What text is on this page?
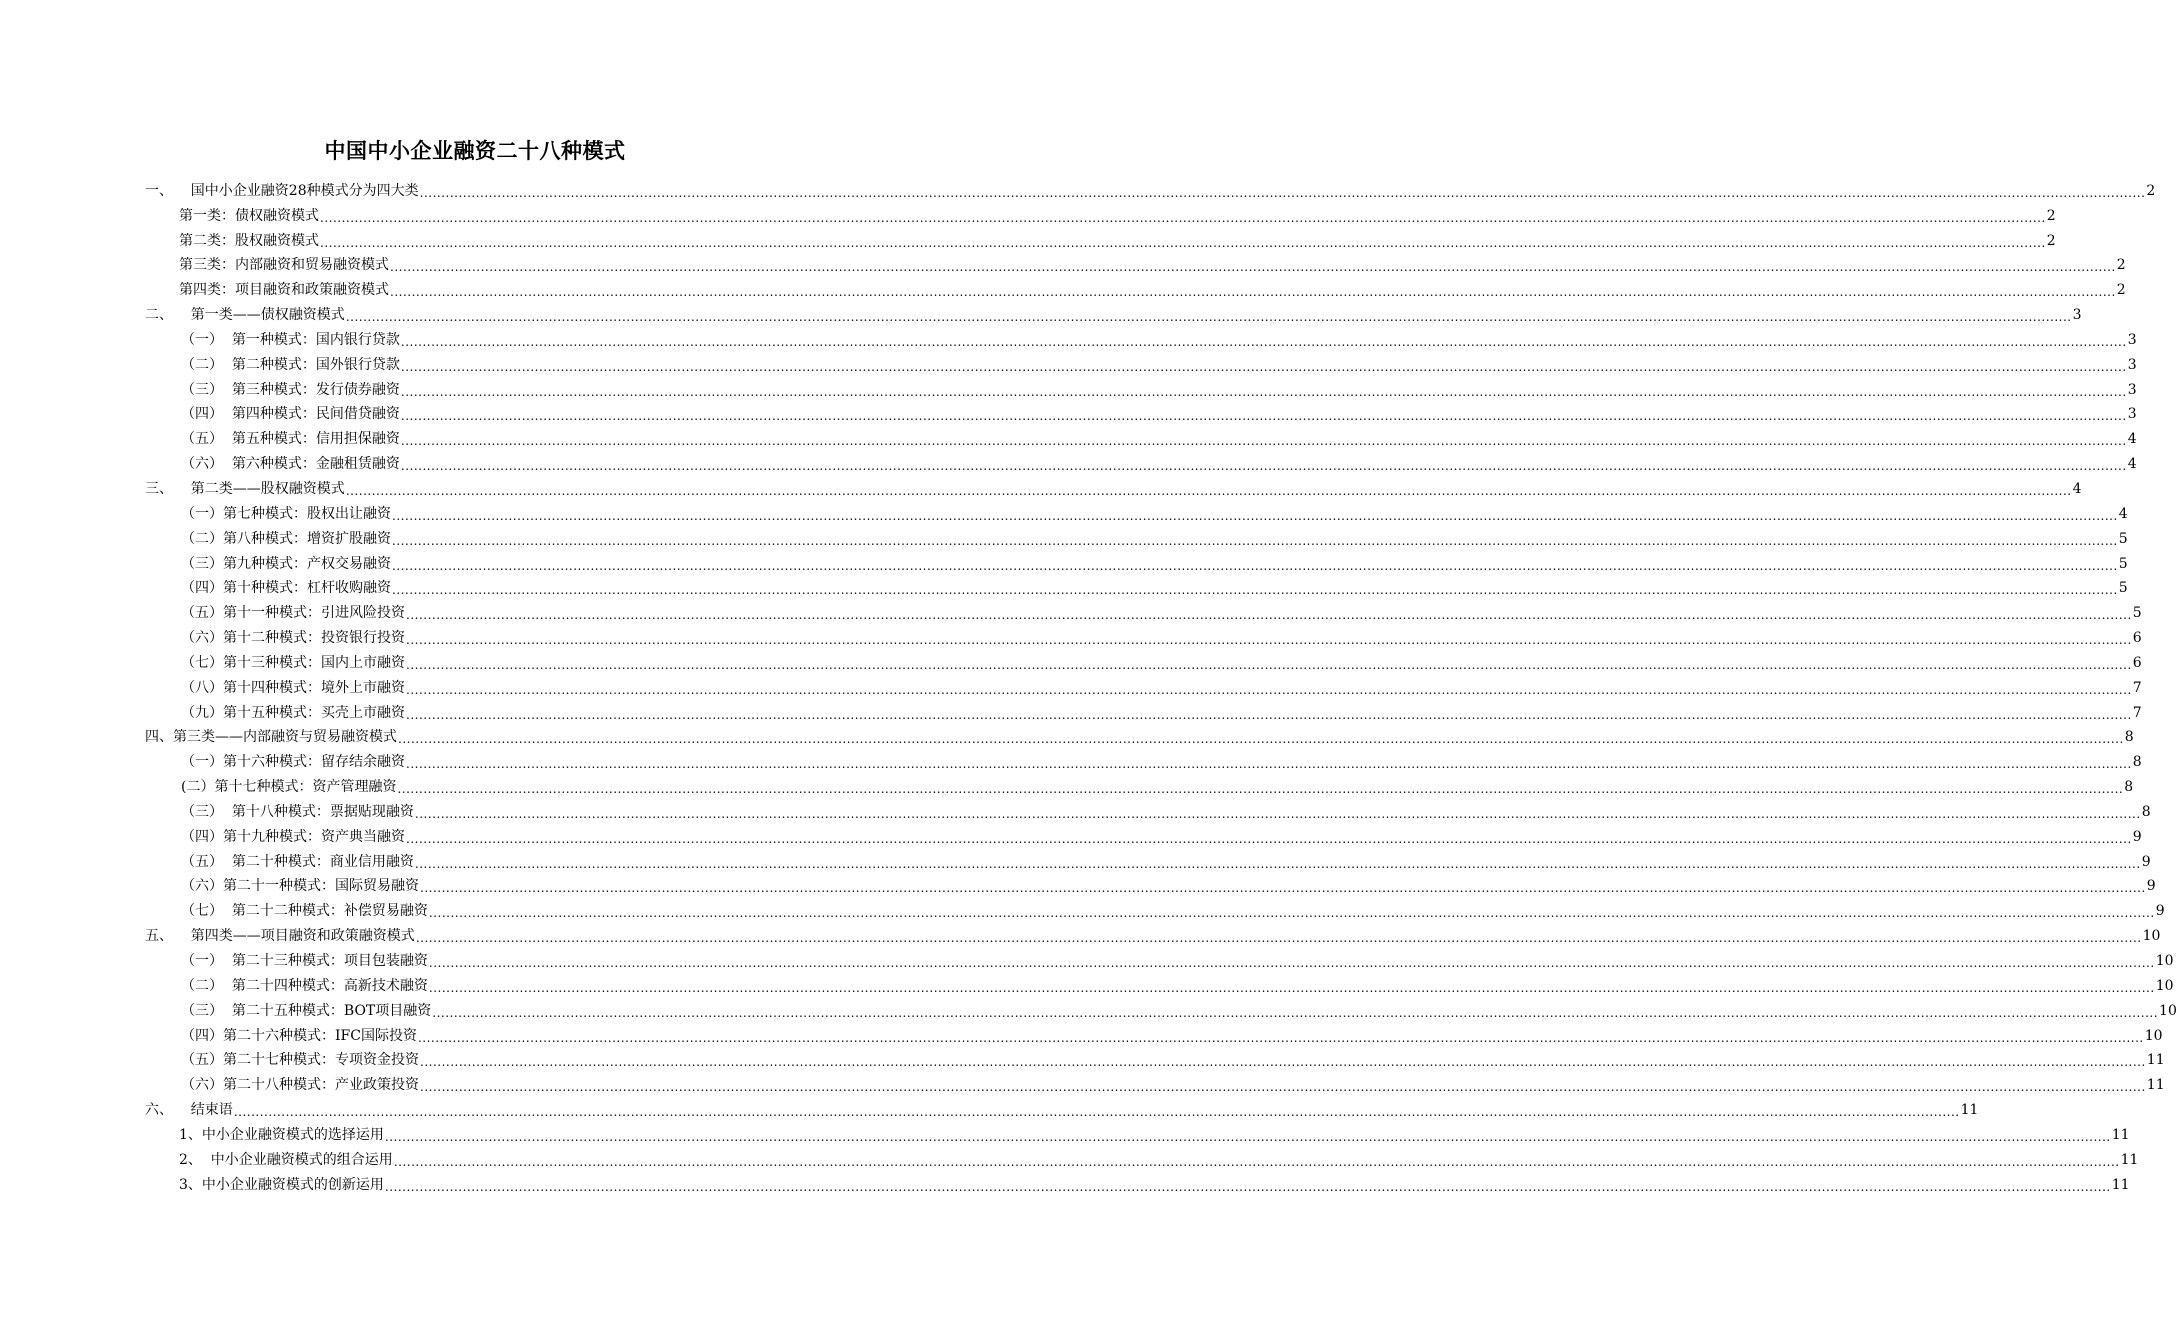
中国中小企业融资二十八种模式
一、    国中小企业融资28种模式分为四大类 ................................................................................................................................................................................................................................................................................................................................................................................................................ 2
第一类：债权融资模式 ................................................................................................................................................................................................................................................................................................................................................................................................................ 2
第二类：股权融资模式 ................................................................................................................................................................................................................................................................................................................................................................................................................ 2
第三类：内部融资和贸易融资模式 ................................................................................................................................................................................................................................................................................................................................................................................................................ 2
第四类：项目融资和政策融资模式 ................................................................................................................................................................................................................................................................................................................................................................................................................ 2
二、    第一类——债权融资模式 ................................................................................................................................................................................................................................................................................................................................................................................................................ 3
（一）  第一种模式：国内银行贷款 ................................................................................................................................................................................................................................................................................................................................................................................................................ 3
（二）  第二种模式：国外银行贷款 ................................................................................................................................................................................................................................................................................................................................................................................................................ 3
（三）  第三种模式：发行债券融资 ................................................................................................................................................................................................................................................................................................................................................................................................................ 3
（四）  第四种模式：民间借贷融资 ................................................................................................................................................................................................................................................................................................................................................................................................................ 3
（五）  第五种模式：信用担保融资 ................................................................................................................................................................................................................................................................................................................................................................................................................ 4
（六）  第六种模式：金融租赁融资 ................................................................................................................................................................................................................................................................................................................................................................................................................ 4
三、    第二类——股权融资模式 ................................................................................................................................................................................................................................................................................................................................................................................................................ 4
（一）第七种模式：股权出让融资 ................................................................................................................................................................................................................................................................................................................................................................................................................ 4
（二）第八种模式：增资扩股融资 ................................................................................................................................................................................................................................................................................................................................................................................................................ 5
（三）第九种模式：产权交易融资 ................................................................................................................................................................................................................................................................................................................................................................................................................ 5
（四）第十种模式：杠杆收购融资 ................................................................................................................................................................................................................................................................................................................................................................................................................ 5
（五）第十一种模式：引进风险投资 ................................................................................................................................................................................................................................................................................................................................................................................................................ 5
（六）第十二种模式：投资银行投资 ................................................................................................................................................................................................................................................................................................................................................................................................................ 6
（七）第十三种模式：国内上市融资 ................................................................................................................................................................................................................................................................................................................................................................................................................ 6
（八）第十四种模式：境外上市融资 ................................................................................................................................................................................................................................................................................................................................................................................................................ 7
（九）第十五种模式：买壳上市融资 ................................................................................................................................................................................................................................................................................................................................................................................................................ 7
四、第三类——内部融资与贸易融资模式 ................................................................................................................................................................................................................................................................................................................................................................................................................ 8
（一）第十六种模式：留存结余融资 ................................................................................................................................................................................................................................................................................................................................................................................................................ 8
(二）第十七种模式：资产管理融资 ................................................................................................................................................................................................................................................................................................................................................................................................................ 8
（三）  第十八种模式：票据贴现融资 ................................................................................................................................................................................................................................................................................................................................................................................................................ 8
（四）第十九种模式：资产典当融资 ................................................................................................................................................................................................................................................................................................................................................................................................................ 9
（五）  第二十种模式：商业信用融资 ................................................................................................................................................................................................................................................................................................................................................................................................................ 9
（六）第二十一种模式：国际贸易融资 ................................................................................................................................................................................................................................................................................................................................................................................................................ 9
（七）  第二十二种模式：补偿贸易融资 ................................................................................................................................................................................................................................................................................................................................................................................................................ 9
五、    第四类——项目融资和政策融资模式 ................................................................................................................................................................................................................................................................................................................................................................................................................ 10
（一）  第二十三种模式：项目包装融资 ................................................................................................................................................................................................................................................................................................................................................................................................................ 10
（二）  第二十四种模式：高新技术融资 ................................................................................................................................................................................................................................................................................................................................................................................................................ 10
（三）  第二十五种模式：BOT项目融资 ................................................................................................................................................................................................................................................................................................................................................................................................................ 10
（四）第二十六种模式：IFC国际投资 ................................................................................................................................................................................................................................................................................................................................................................................................................ 10
（五）第二十七种模式：专项资金投资 ................................................................................................................................................................................................................................................................................................................................................................................................................ 11
（六）第二十八种模式：产业政策投资 ................................................................................................................................................................................................................................................................................................................................................................................................................ 11
六、    结束语 ................................................................................................................................................................................................................................................................................................................................................................................................................ 11
1、中小企业融资模式的选择运用 ................................................................................................................................................................................................................................................................................................................................................................................................................ 11
2、  中小企业融资模式的组合运用 ................................................................................................................................................................................................................................................................................................................................................................................................................ 11
3、中小企业融资模式的创新运用 ................................................................................................................................................................................................................................................................................................................................................................................................................ 11
